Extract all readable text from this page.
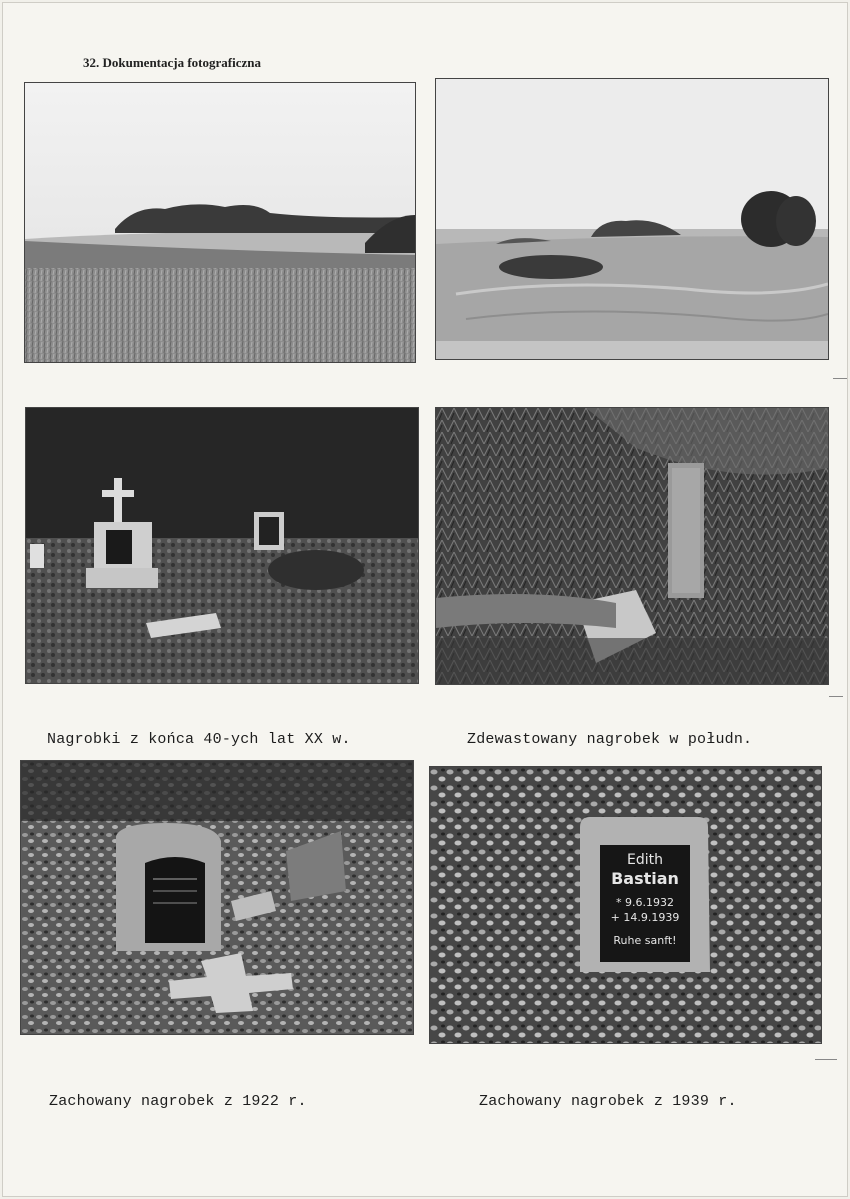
32. Dokumentacja fotograficzna

Nagrobki z końca 40-ych lat XX w.

	Zdewastowany nagrobek w połudn.

Zachowany nagrobek z 1922 r.

Edith
Bastian
* 9.6.1932
+ 14.9.1939
Ruhe sanft!

Zachowany nagrobek z 1939 r.
